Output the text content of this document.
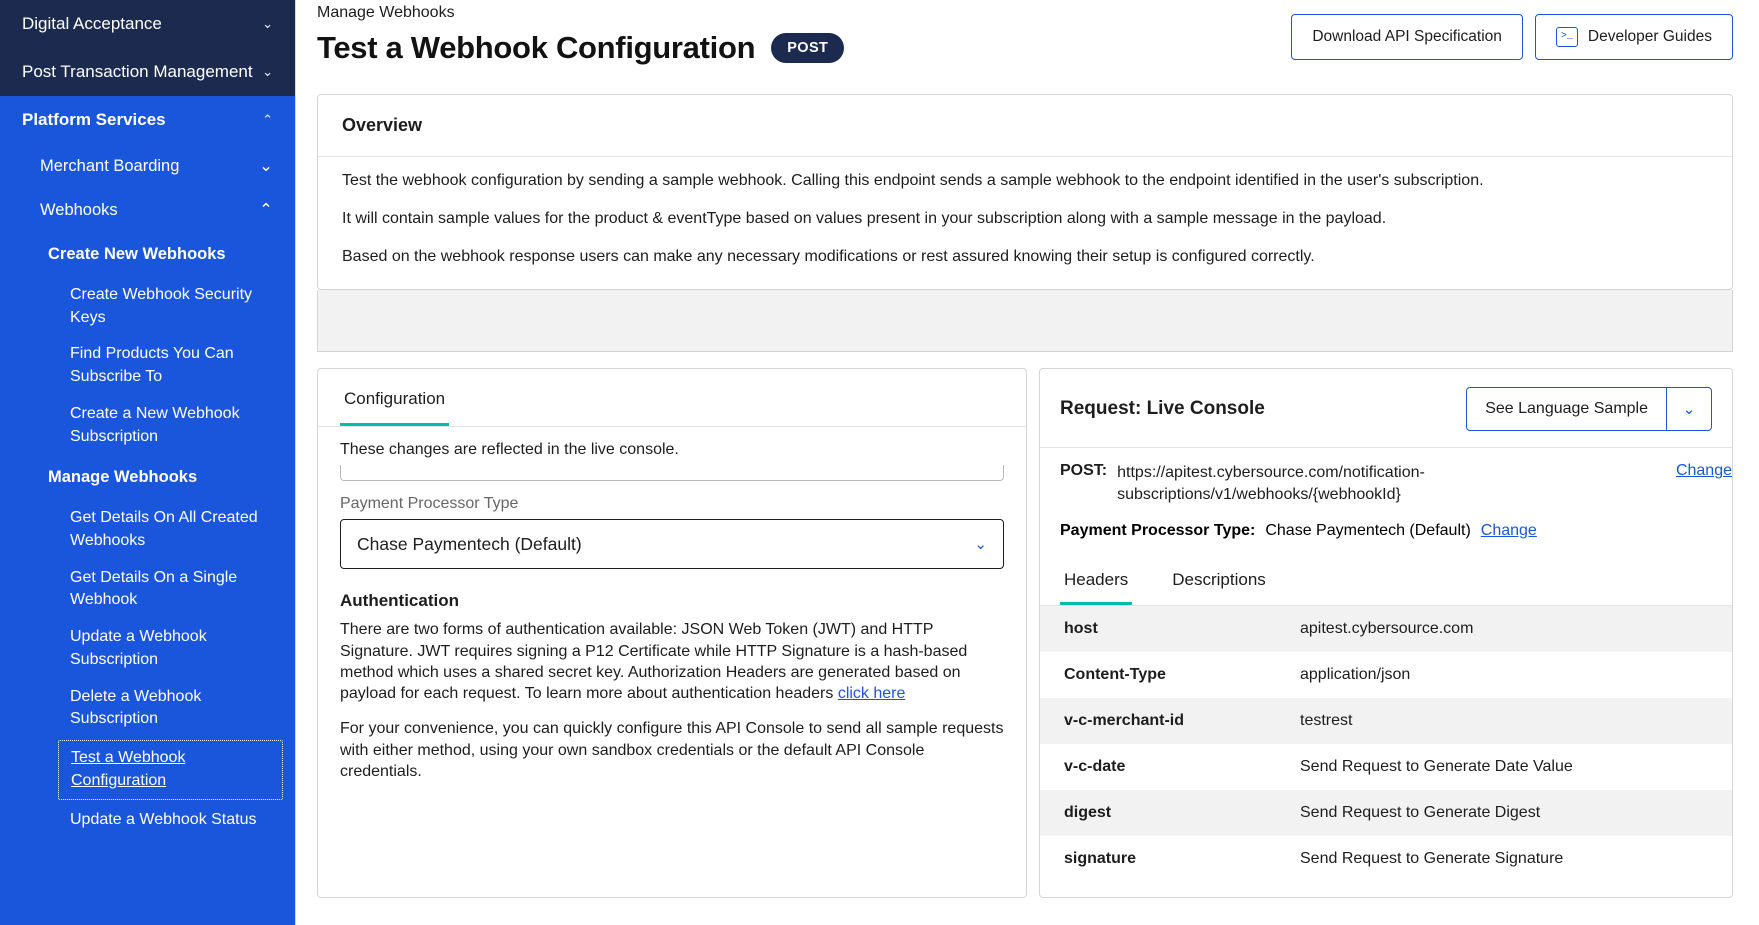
Digital Acceptance	⌄
Post Transaction Management ⌄
Platform Services	⌃
Merchant Boarding	⌄
Webhooks	⌃
Create New Webhooks
Create Webhook Security Keys
Find Products You Can Subscribe To
Create a New Webhook Subscription
Manage Webhooks
Get Details On All Created Webhooks
Get Details On a Single Webhook
Update a Webhook Subscription
Delete a Webhook Subscription
Test a Webhook Configuration
Update a Webhook Status
Manage Webhooks
Test a Webhook Configuration	POST
Download API Specification	>_ Developer Guides
Overview

Test the webhook configuration by sending a sample webhook. Calling this endpoint sends a sample webhook to the endpoint identified in the user's subscription.

It will contain sample values for the product & eventType based on values present in your subscription along with a sample message in the payload.

Based on the webhook response users can make any necessary modifications or rest assured knowing their setup is configured correctly.

Configuration
These changes are reflected in the live console.
Payment Processor Type
Chase Paymentech (Default)	⌄
Authentication
There are two forms of authentication available: JSON Web Token (JWT) and HTTP Signature. JWT requires signing a P12 Certificate while HTTP Signature is a hash-based method which uses a shared secret key. Authorization Headers are generated based on payload for each request. To learn more about authentication headers click here
For your convenience, you can quickly configure this API Console to send all sample requests with either method, using your own sandbox credentials or the default API Console credentials.
Request: Live Console	See Language Sample	⌄
POST: https://apitest.cybersource.com/notification-subscriptions/v1/webhooks/{webhookId}
Change
Payment Processor Type: Chase Paymentech (Default) Change
Headers	Descriptions
host	apitest.cybersource.com
Content-Type	application/json
v-c-merchant-id	testrest
v-c-date	Send Request to Generate Date Value
digest	Send Request to Generate Digest
signature	Send Request to Generate Signature
